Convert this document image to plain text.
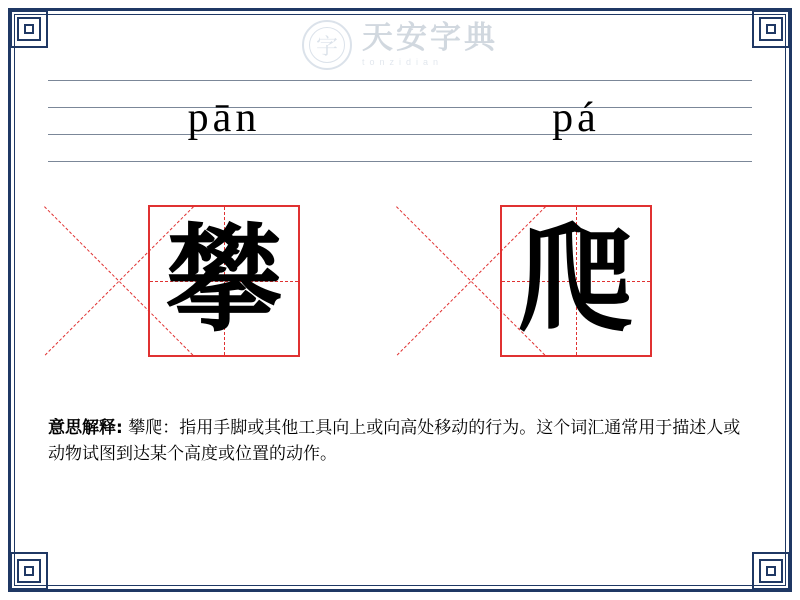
字 天安字典
tonzidian
pān	pá
攀 爬
意思解释: 攀爬：指用手脚或其他工具向上或向高处移动的行为。这个词汇通常用于描述人或动物试图到达某个高度或位置的动作。
